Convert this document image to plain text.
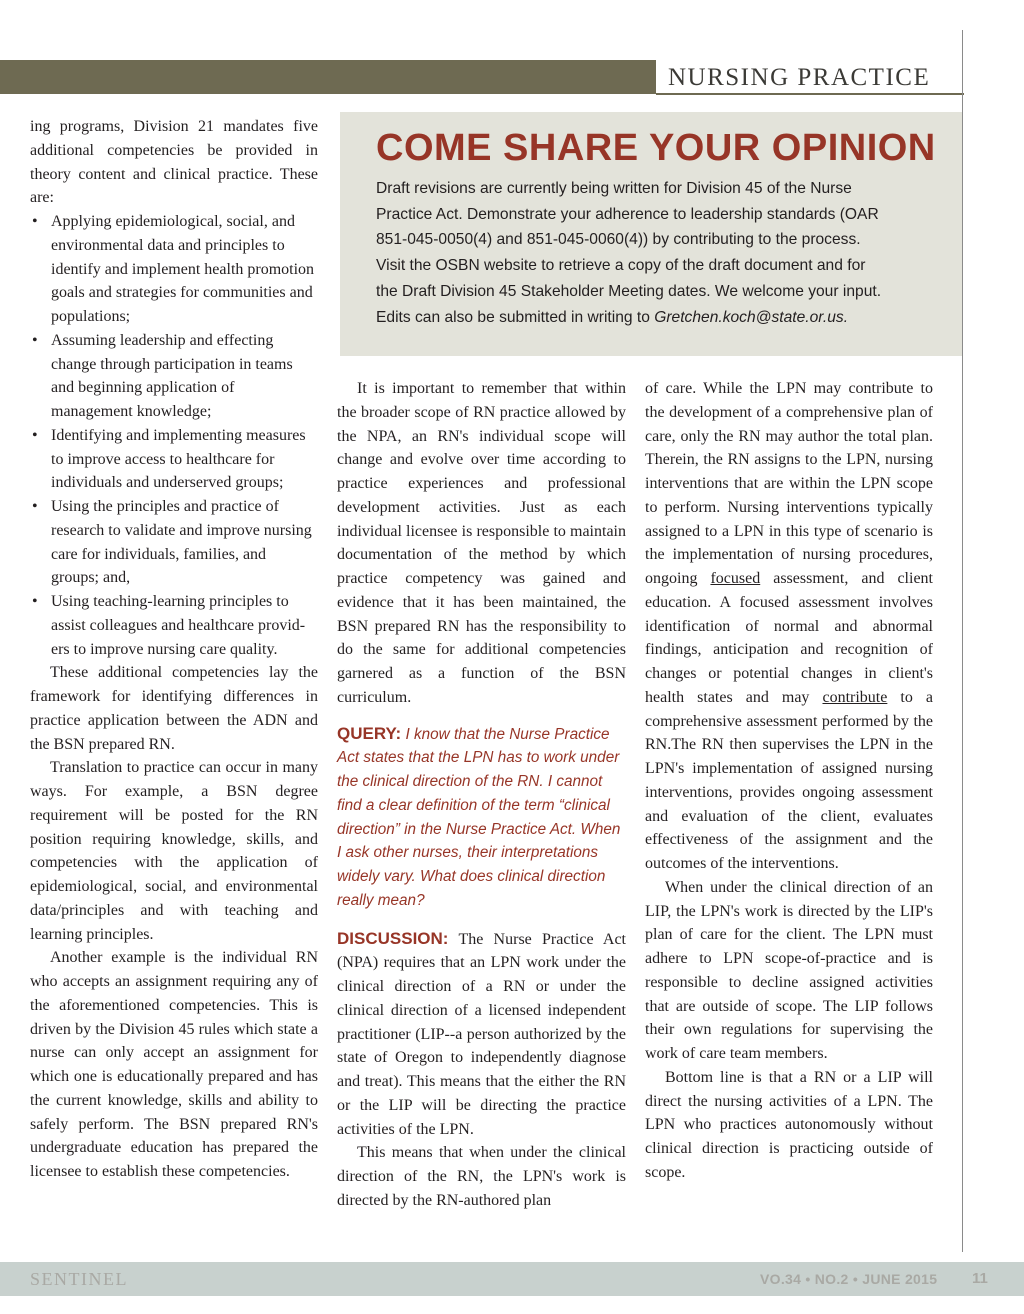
NURSING PRACTICE
COME SHARE YOUR OPINION
Draft revisions are currently being written for Division 45 of the Nurse
Practice Act. Demonstrate your adherence to leadership standards (OAR
851-045-0050(4) and 851-045-0060(4)) by contributing to the process.
Visit the OSBN website to retrieve a copy of the draft document and for
the Draft Division 45 Stakeholder Meeting dates. We welcome your input.
Edits can also be submitted in writing to Gretchen.koch@state.or.us.

ing programs, Division 21 mandates five additional competencies be provided in theory content and clinical practice. These are:

• Applying epidemiological, social, and environmental data and principles to identify and implement health promotion goals and strategies for communities and populations;
• Assuming leadership and effecting change through participation in teams and beginning application of management knowledge;
• Identifying and implementing measures to improve access to healthcare for individuals and underserved groups;
• Using the principles and practice of research to validate and improve nursing care for individuals, families, and groups; and,
• Using teaching-learning principles to assist colleagues and healthcare provid-ers to improve nursing care quality.

These additional competencies lay the framework for identifying differences in practice application between the ADN and the BSN prepared RN.

Translation to practice can occur in many ways. For example, a BSN degree requirement will be posted for the RN position requiring knowledge, skills, and competencies with the application of epidemiological, social, and environmental data/principles and with teaching and learning principles.

Another example is the individual RN who accepts an assignment requiring any of the aforementioned competencies. This is driven by the Division 45 rules which state a nurse can only accept an assignment for which one is educationally prepared and has the current knowledge, skills and ability to safely perform. The BSN prepared RN's undergraduate education has prepared the licensee to establish these competencies.

It is important to remember that within the broader scope of RN practice allowed by the NPA, an RN's individual scope will change and evolve over time according to practice experiences and professional development activities. Just as each individual licensee is responsible to maintain documentation of the method by which practice competency was gained and evidence that it has been maintained, the BSN prepared RN has the responsibility to do the same for additional competencies garnered as a function of the BSN curriculum.

QUERY: I know that the Nurse Practice Act states that the LPN has to work under the clinical direction of the RN. I cannot find a clear definition of the term “clinical direction” in the Nurse Practice Act. When I ask other nurses, their interpretations widely vary. What does clinical direction really mean?

DISCUSSION: The Nurse Practice Act (NPA) requires that an LPN work under the clinical direction of a RN or under the clinical direction of a licensed independent practitioner (LIP--a person authorized by the state of Oregon to independently diagnose and treat). This means that the either the RN or the LIP will be directing the practice activities of the LPN.

This means that when under the clinical direction of the RN, the LPN's work is directed by the RN-authored plan

of care. While the LPN may contribute to the development of a comprehensive plan of care, only the RN may author the total plan. Therein, the RN assigns to the LPN, nursing interventions that are within the LPN scope to perform. Nursing interventions typically assigned to a LPN in this type of scenario is the implementation of nursing procedures, ongoing focused assessment, and client education. A focused assessment involves identification of normal and abnormal findings, anticipation and recognition of changes or potential changes in client's health states and may contribute to a comprehensive assessment performed by the RN.The RN then supervises the LPN in the LPN's implementation of assigned nursing interventions, provides ongoing assessment and evaluation of the client, evaluates effectiveness of the assignment and the outcomes of the interventions.

When under the clinical direction of an LIP, the LPN's work is directed by the LIP's plan of care for the client. The LPN must adhere to LPN scope-of-practice and is responsible to decline assigned activities that are outside of scope. The LIP follows their own regulations for supervising the work of care team members.

Bottom line is that a RN or a LIP will direct the nursing activities of a LPN. The LPN who practices autonomously without clinical direction is practicing outside of scope.

SENTINEL	VO.34 • NO.2 • JUNE 2015 11
